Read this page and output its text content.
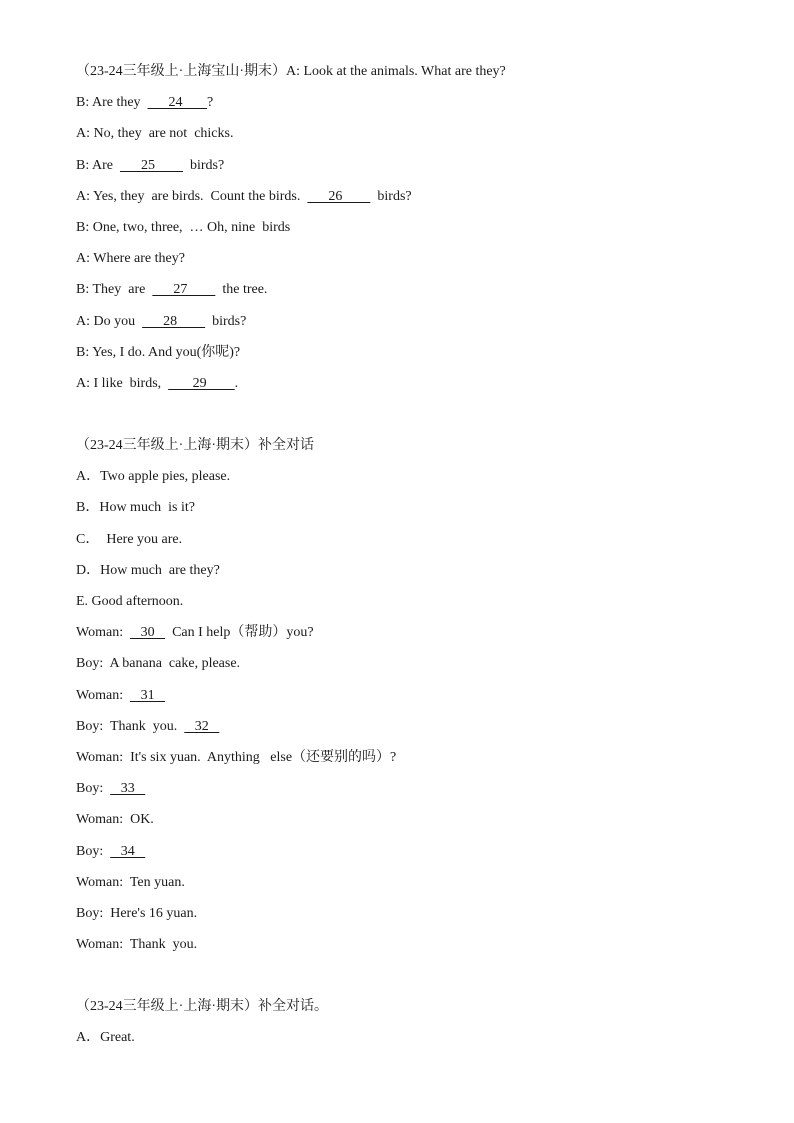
（23-24三年级上·上海宝山·期末）A: Look at the animals. What are they?
B: Are they        24       ?
A: No, they  are not  chicks.
B: Are        25          birds?
A: Yes, they  are birds.  Count the birds.        26          birds?
B: One, two, three,  … Oh, nine  birds
A: Where are they?
B: They  are        27          the tree.
A: Do you        28          birds?
B: Yes, I do. And you(你呢)?
A: I like  birds,         29        .
（23-24三年级上·上海·期末）补全对话
A．Two apple pies, please.
B．How much  is it?
C．  Here you are.
D．How much  are they?
E. Good afternoon.
Woman:     30     Can I help（帮助）you?
Boy:  A banana  cake, please.
Woman:     31
Boy:  Thank  you.     32
Woman:  It's six yuan.  Anything   else（还要别的吗）?
Boy:     33
Woman:  OK.
Boy:     34
Woman:  Ten yuan.
Boy:  Here's 16 yuan.
Woman:  Thank  you.
（23-24三年级上·上海·期末）补全对话。
A．Great.
